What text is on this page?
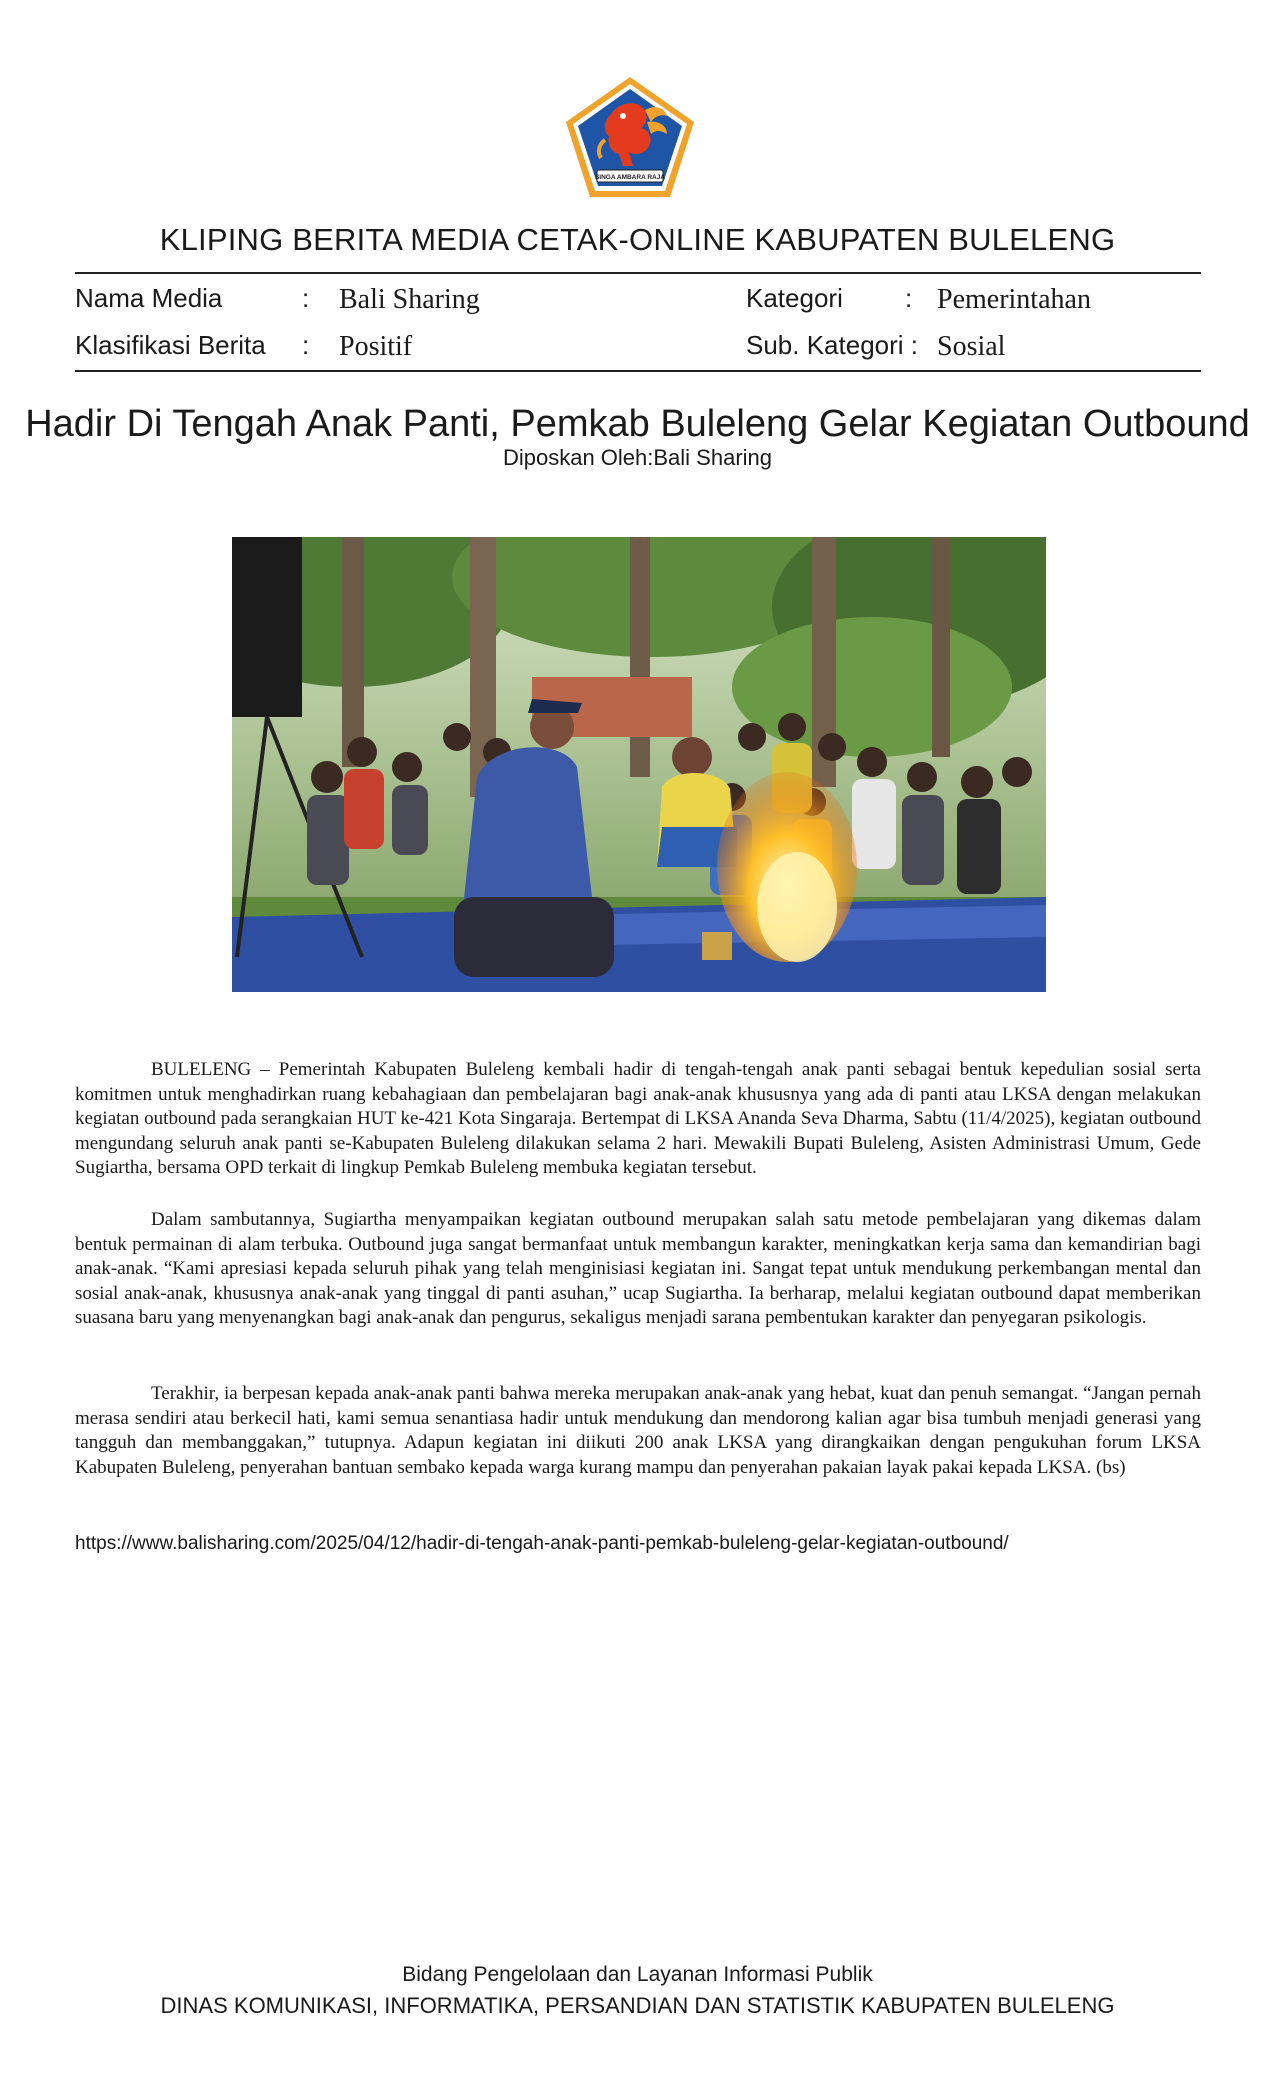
SINGA AMBARA RAJA
KLIPING BERITA MEDIA CETAK-ONLINE KABUPATEN BULELENG
Nama Media	: Bali Sharing	Kategori : Pemerintahan
Klasifikasi Berita : Positif	Sub. Kategori : Sosial
Hadir Di Tengah Anak Panti, Pemkab Buleleng Gelar Kegiatan Outbound
Diposkan Oleh:Bali Sharing

BULELENG – Pemerintah Kabupaten Buleleng kembali hadir di tengah-tengah anak panti sebagai bentuk kepedulian sosial serta komitmen untuk menghadirkan ruang kebahagiaan dan pembelajaran bagi anak-anak khususnya yang ada di panti atau LKSA dengan melakukan kegiatan outbound pada serangkaian HUT ke-421 Kota Singaraja. Bertempat di LKSA Ananda Seva Dharma, Sabtu (11/4/2025), kegiatan outbound mengundang seluruh anak panti se-Kabupaten Buleleng dilakukan selama 2 hari. Mewakili Bupati Buleleng, Asisten Administrasi Umum, Gede Sugiartha, bersama OPD terkait di lingkup Pemkab Buleleng membuka kegiatan tersebut.

Dalam sambutannya, Sugiartha menyampaikan kegiatan outbound merupakan salah satu metode pembelajaran yang dikemas dalam bentuk permainan di alam terbuka. Outbound juga sangat bermanfaat untuk membangun karakter, meningkatkan kerja sama dan kemandirian bagi anak-anak. “Kami apresiasi kepada seluruh pihak yang telah menginisiasi kegiatan ini. Sangat tepat untuk mendukung perkembangan mental dan sosial anak-anak, khususnya anak-anak yang tinggal di panti asuhan,” ucap Sugiartha. Ia berharap, melalui kegiatan outbound dapat memberikan suasana baru yang menyenangkan bagi anak-anak dan pengurus, sekaligus menjadi sarana pembentukan karakter dan penyegaran psikologis.

Terakhir, ia berpesan kepada anak-anak panti bahwa mereka merupakan anak-anak yang hebat, kuat dan penuh semangat. “Jangan pernah merasa sendiri atau berkecil hati, kami semua senantiasa hadir untuk mendukung dan mendorong kalian agar bisa tumbuh menjadi generasi yang tangguh dan membanggakan,” tutupnya. Adapun kegiatan ini diikuti 200 anak LKSA yang dirangkaikan dengan pengukuhan forum LKSA Kabupaten Buleleng, penyerahan bantuan sembako kepada warga kurang mampu dan penyerahan pakaian layak pakai kepada LKSA. (bs)

https://www.balisharing.com/2025/04/12/hadir-di-tengah-anak-panti-pemkab-buleleng-gelar-kegiatan-outbound/
Bidang Pengelolaan dan Layanan Informasi Publik
DINAS KOMUNIKASI, INFORMATIKA, PERSANDIAN DAN STATISTIK KABUPATEN BULELENG
